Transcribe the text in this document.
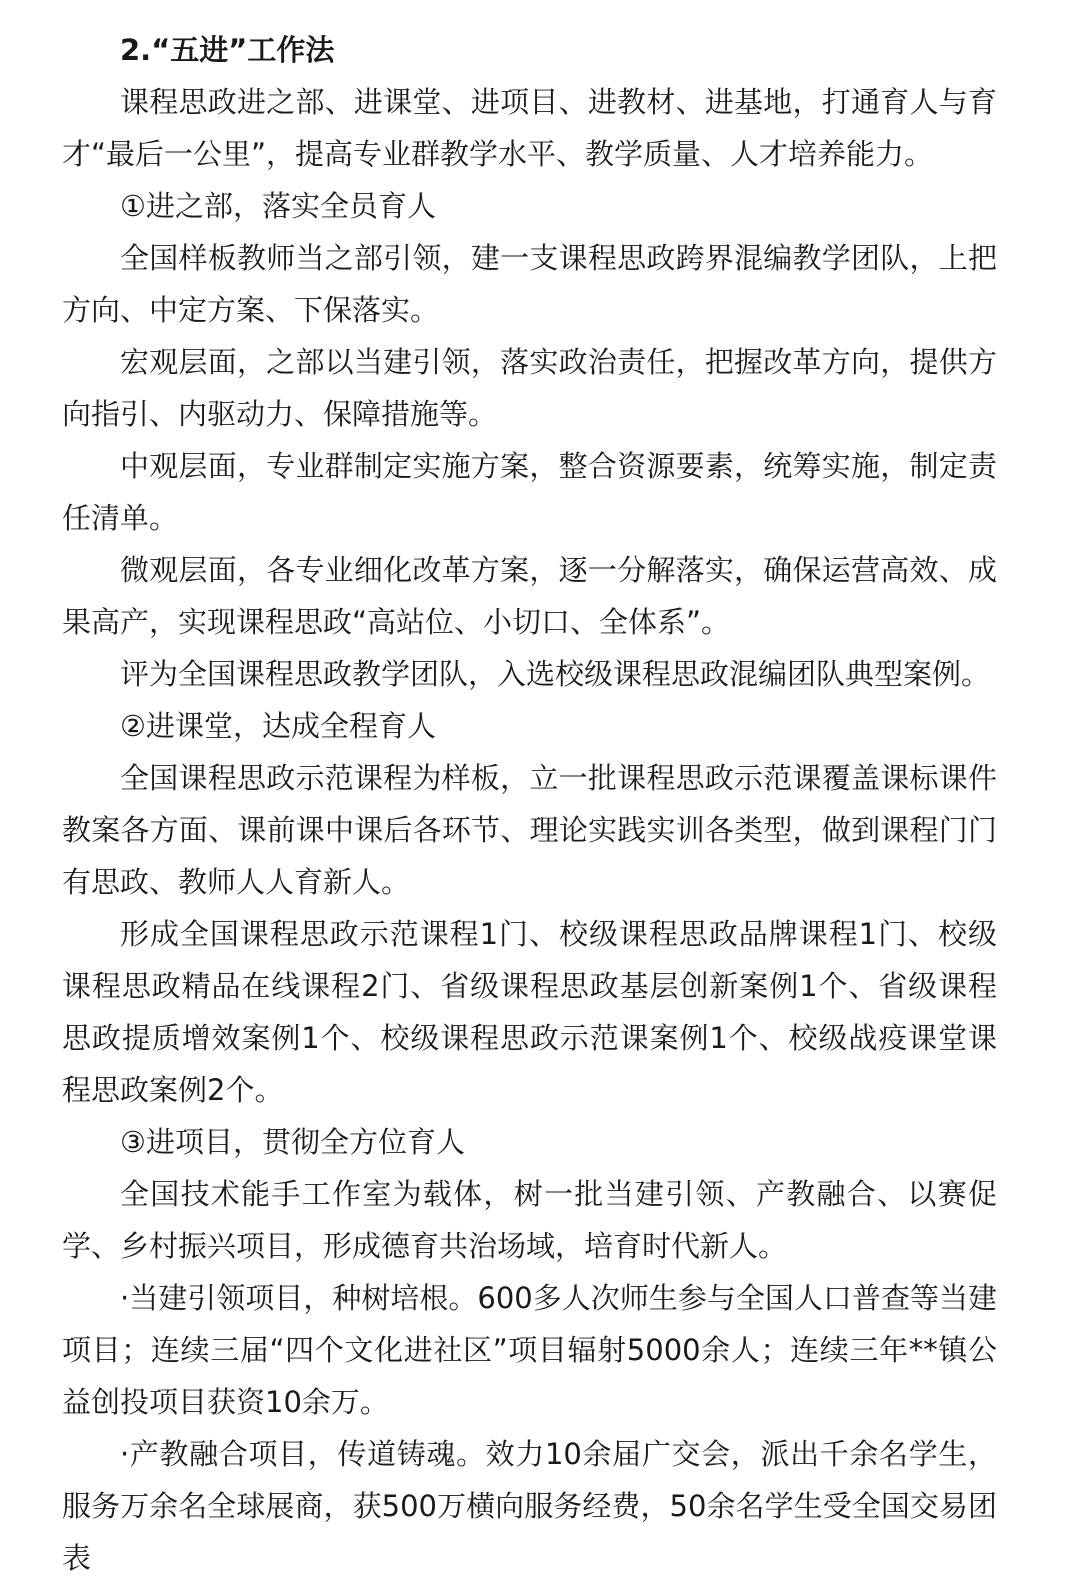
2.“五进”工作法

课程思政进之部、进课堂、进项目、进教材、进基地，打通育人与育才“最后一公里”，提高专业群教学水平、教学质量、人才培养能力。

①进之部，落实全员育人

全国样板教师当之部引领，建一支课程思政跨界混编教学团队，上把方向、中定方案、下保落实。

宏观层面，之部以当建引领，落实政治责任，把握改革方向，提供方向指引、内驱动力、保障措施等。

中观层面，专业群制定实施方案，整合资源要素，统筹实施，制定责任清单。

微观层面，各专业细化改革方案，逐一分解落实，确保运营高效、成果高产，实现课程思政“高站位、小切口、全体系”。

评为全国课程思政教学团队，入选校级课程思政混编团队典型案例。

②进课堂，达成全程育人

全国课程思政示范课程为样板，立一批课程思政示范课覆盖课标课件教案各方面、课前课中课后各环节、理论实践实训各类型，做到课程门门有思政、教师人人育新人。

形成全国课程思政示范课程1门、校级课程思政品牌课程1门、校级课程思政精品在线课程2门、省级课程思政基层创新案例1个、省级课程思政提质增效案例1个、校级课程思政示范课案例1个、校级战疫课堂课程思政案例2个。

③进项目，贯彻全方位育人

全国技术能手工作室为载体，树一批当建引领、产教融合、以赛促学、乡村振兴项目，形成德育共治场域，培育时代新人。

·当建引领项目，种树培根。600多人次师生参与全国人口普查等当建项目；连续三届“四个文化进社区”项目辐射5000余人；连续三年**镇公益创投项目获资10余万。

·产教融合项目，传道铸魂。效力10余届广交会，派出千余名学生，服务万余名全球展商，获500万横向服务经费，50余名学生受全国交易团表
